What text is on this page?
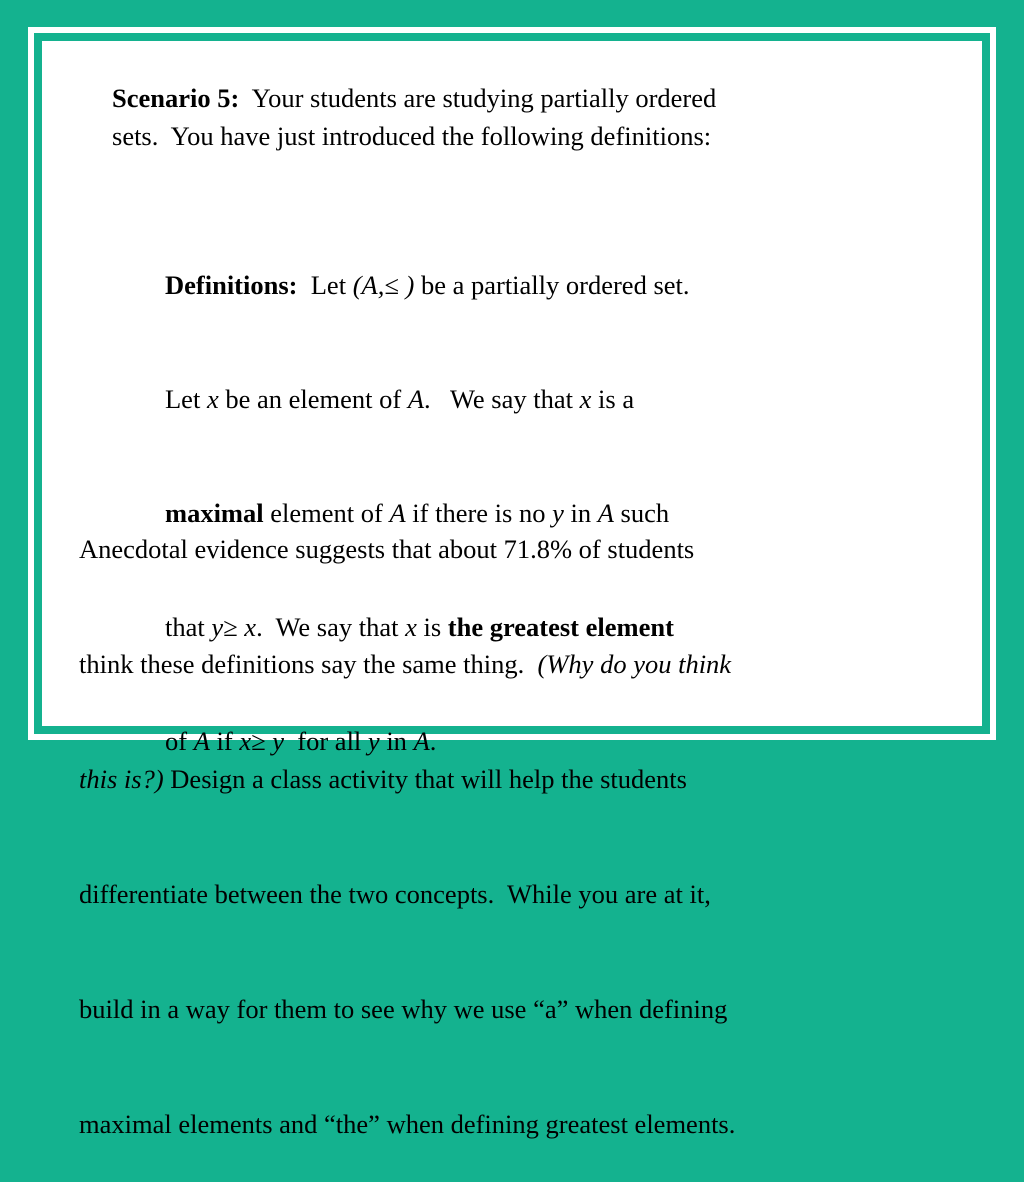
Scenario 5:  Your students are studying partially ordered
sets.  You have just introduced the following definitions:

Definitions:  Let (A,≤ ) be a partially ordered set.

Let x be an element of A.   We say that x is a

maximal element of A if there is no y in A such

that y≥ x.  We say that x is the greatest element

of A if x≥ y  for all y in A.

Anecdotal evidence suggests that about 71.8% of students

think these definitions say the same thing.  (Why do you think

this is?) Design a class activity that will help the students

differentiate between the two concepts.  While you are at it,

build in a way for them to see why we use “a” when defining

maximal elements and “the” when defining greatest elements.
